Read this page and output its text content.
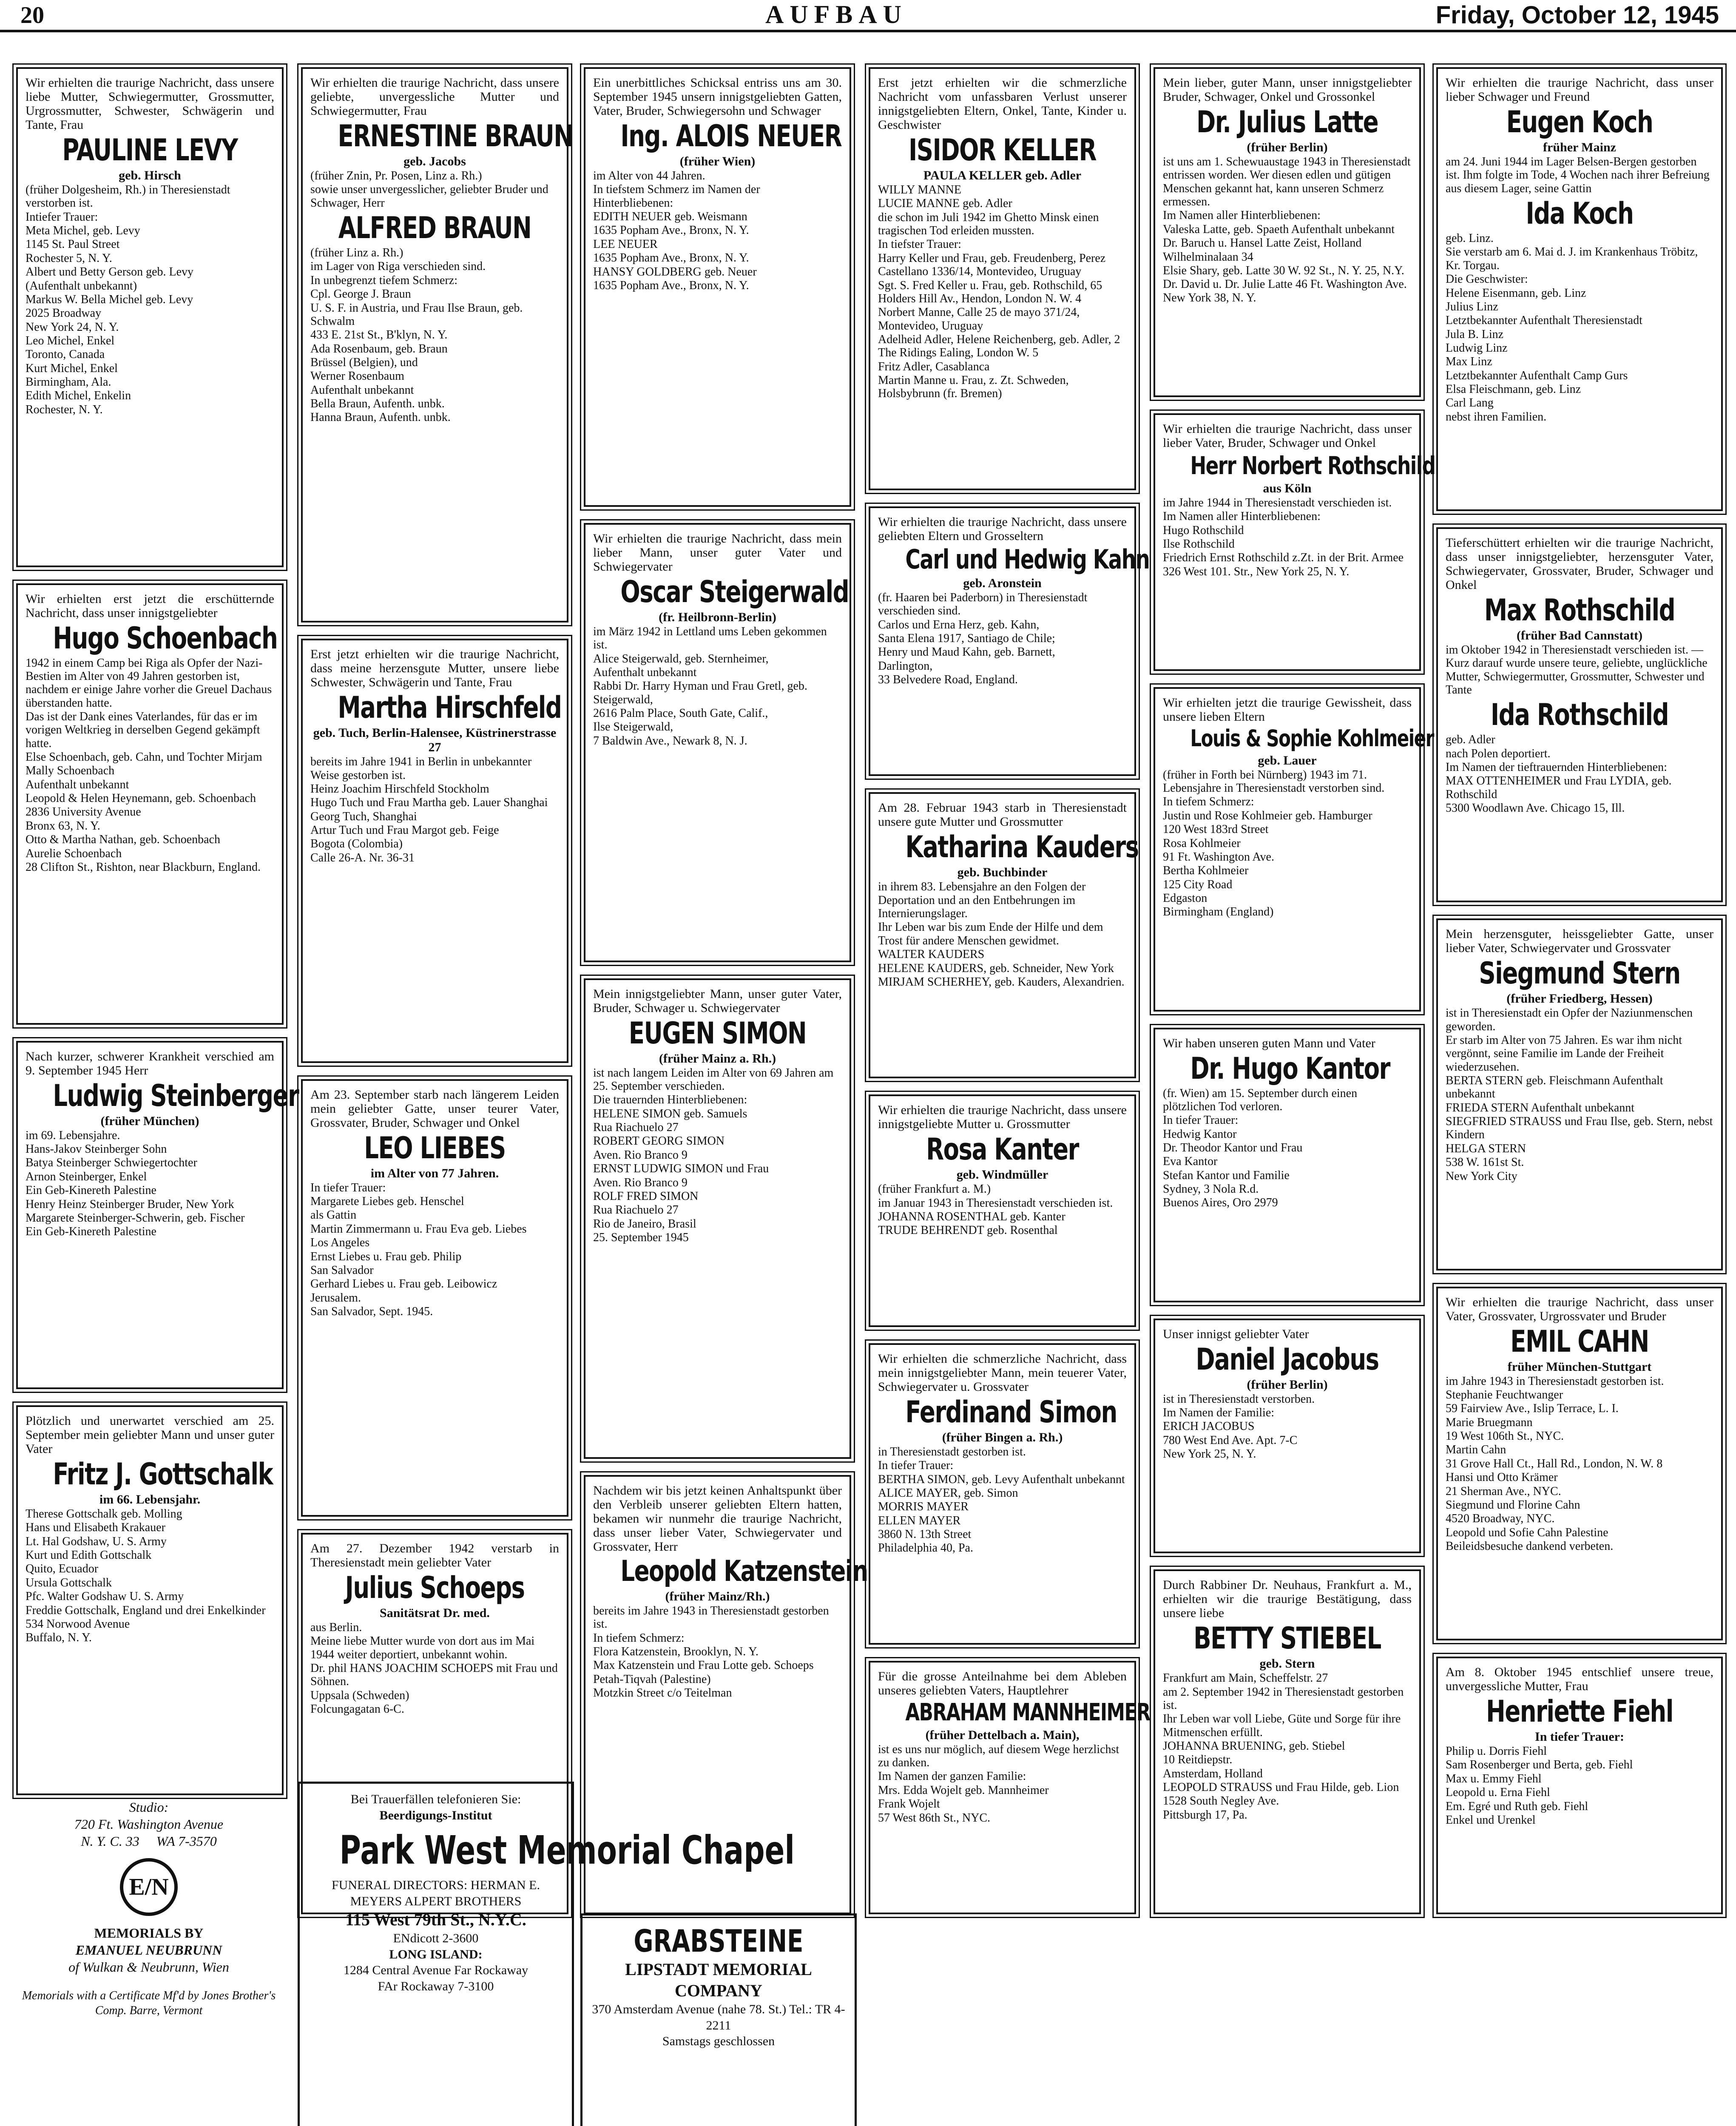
20	AUFBAU	Friday, October 12, 1945
Wir erhielten die traurige Nachricht, dass unsere liebe Mutter, Schwiegermutter, Grossmutter, Urgrossmutter, Schwester, Schwägerin und Tante, Frau
PAULINE LEVY
geb. Hirsch
(früher Dolgesheim, Rh.) in Theresienstadt verstorben ist.
Intiefer Trauer:
Meta Michel, geb. Levy
1145 St. Paul Street
Rochester 5, N. Y.
Albert und Betty Gerson geb. Levy
(Aufenthalt unbekannt)
Markus W. Bella Michel geb. Levy
2025 Broadway
New York 24, N. Y.
Leo Michel, Enkel
Toronto, Canada
Kurt Michel, Enkel
Birmingham, Ala.
Edith Michel, Enkelin
Rochester, N. Y.
Wir erhielten erst jetzt die erschütternde Nachricht, dass unser innigstgeliebter
Hugo Schoenbach
1942 in einem Camp bei Riga als Opfer der Nazi-Bestien im Alter von 49 Jahren gestorben ist, nachdem er einige Jahre vorher die Greuel Dachaus überstanden hatte.
Das ist der Dank eines Vaterlandes, für das er im vorigen Weltkrieg in derselben Gegend gekämpft hatte.
Else Schoenbach, geb. Cahn, und Tochter Mirjam
Mally Schoenbach
Aufenthalt unbekannt
Leopold & Helen Heynemann, geb. Schoenbach
2836 University Avenue
Bronx 63, N. Y.
Otto & Martha Nathan, geb. Schoenbach
Aurelie Schoenbach
28 Clifton St., Rishton, near Blackburn, England.
Nach kurzer, schwerer Krankheit verschied am 9. September 1945 Herr
Ludwig Steinberger
(früher München)
im 69. Lebensjahre.
Hans-Jakov Steinberger Sohn
Batya Steinberger Schwiegertochter
Arnon Steinberger, Enkel
Ein Geb-Kinereth Palestine
Henry Heinz Steinberger Bruder, New York
Margarete Steinberger-Schwerin, geb. Fischer
Ein Geb-Kinereth Palestine
Plötzlich und unerwartet verschied am 25. September mein geliebter Mann und unser guter Vater
Fritz J. Gottschalk
im 66. Lebensjahr.
Therese Gottschalk geb. Molling
Hans und Elisabeth Krakauer
Lt. Hal Godshaw, U. S. Army
Kurt und Edith Gottschalk
Quito, Ecuador
Ursula Gottschalk
Pfc. Walter Godshaw U. S. Army
Freddie Gottschalk, England und drei Enkelkinder
534 Norwood Avenue
Buffalo, N. Y.
Wir erhielten die traurige Nachricht, dass unsere geliebte, unvergessliche Mutter und Schwiegermutter, Frau
ERNESTINE BRAUN
geb. Jacobs
(früher Znin, Pr. Posen, Linz a. Rh.)
sowie unser unvergesslicher, geliebter Bruder und Schwager, Herr
ALFRED BRAUN
(früher Linz a. Rh.)
im Lager von Riga verschieden sind.
In unbegrenzt tiefem Schmerz:
Cpl. George J. Braun
U. S. F. in Austria, und Frau Ilse Braun, geb. Schwalm
433 E. 21st St., B'klyn, N. Y.
Ada Rosenbaum, geb. Braun
Brüssel (Belgien), und
Werner Rosenbaum
Aufenthalt unbekannt
Bella Braun, Aufenth. unbk.
Hanna Braun, Aufenth. unbk.
Erst jetzt erhielten wir die traurige Nachricht, dass meine herzensgute Mutter, unsere liebe Schwester, Schwägerin und Tante, Frau
Martha Hirschfeld
geb. Tuch, Berlin-Halensee, Küstrinerstrasse 27
bereits im Jahre 1941 in Berlin in unbekannter Weise gestorben ist.
Heinz Joachim Hirschfeld Stockholm
Hugo Tuch und Frau Martha geb. Lauer Shanghai
Georg Tuch, Shanghai
Artur Tuch und Frau Margot geb. Feige
Bogota (Colombia)
Calle 26-A. Nr. 36-31
Am 23. September starb nach längerem Leiden mein geliebter Gatte, unser teurer Vater, Grossvater, Bruder, Schwager und Onkel
LEO LIEBES
im Alter von 77 Jahren.
In tiefer Trauer:
Margarete Liebes geb. Henschel
als Gattin
Martin Zimmermann u. Frau Eva geb. Liebes
Los Angeles
Ernst Liebes u. Frau geb. Philip
San Salvador
Gerhard Liebes u. Frau geb. Leibowicz
Jerusalem.
San Salvador, Sept. 1945.
Am 27. Dezember 1942 verstarb in Theresienstadt mein geliebter Vater
Julius Schoeps
Sanitätsrat Dr. med.
aus Berlin.
Meine liebe Mutter wurde von dort aus im Mai 1944 weiter deportiert, unbekannt wohin.
Dr. phil HANS JOACHIM SCHOEPS mit Frau und Söhnen.
Uppsala (Schweden)
Folcungagatan 6-C.
Ein unerbittliches Schicksal entriss uns am 30. September 1945 unsern innigstgeliebten Gatten, Vater, Bruder, Schwiegersohn und Schwager
Ing. ALOIS NEUER
(früher Wien)
im Alter von 44 Jahren.
In tiefstem Schmerz im Namen der Hinterbliebenen:
EDITH NEUER geb. Weismann
1635 Popham Ave., Bronx, N. Y.
LEE NEUER
1635 Popham Ave., Bronx, N. Y.
HANSY GOLDBERG geb. Neuer
1635 Popham Ave., Bronx, N. Y.
Wir erhielten die traurige Nachricht, dass mein lieber Mann, unser guter Vater und Schwiegervater
Oscar Steigerwald
(fr. Heilbronn-Berlin)
im März 1942 in Lettland ums Leben gekommen ist.
Alice Steigerwald, geb. Sternheimer,
Aufenthalt unbekannt
Rabbi Dr. Harry Hyman und Frau Gretl, geb. Steigerwald,
2616 Palm Place, South Gate, Calif.,
Ilse Steigerwald,
7 Baldwin Ave., Newark 8, N. J.
Mein innigstgeliebter Mann, unser guter Vater, Bruder, Schwager u. Schwiegervater
EUGEN SIMON
(früher Mainz a. Rh.)
ist nach langem Leiden im Alter von 69 Jahren am 25. September verschieden.
Die trauernden Hinterbliebenen:
HELENE SIMON geb. Samuels
Rua Riachuelo 27
ROBERT GEORG SIMON
Aven. Rio Branco 9
ERNST LUDWIG SIMON und Frau
Aven. Rio Branco 9
ROLF FRED SIMON
Rua Riachuelo 27
Rio de Janeiro, Brasil
25. September 1945
Nachdem wir bis jetzt keinen Anhaltspunkt über den Verbleib unserer geliebten Eltern hatten, bekamen wir nunmehr die traurige Nachricht, dass unser lieber Vater, Schwiegervater und Grossvater, Herr
Leopold Katzenstein
(früher Mainz/Rh.)
bereits im Jahre 1943 in Theresienstadt gestorben ist.
In tiefem Schmerz:
Flora Katzenstein, Brooklyn, N. Y.
Max Katzenstein und Frau Lotte geb. Schoeps
Petah-Tiqvah (Palestine)
Motzkin Street c/o Teitelman
Erst jetzt erhielten wir die schmerzliche Nachricht vom unfassbaren Verlust unserer innigstgeliebten Eltern, Onkel, Tante, Kinder u. Geschwister
ISIDOR KELLER
PAULA KELLER geb. Adler
WILLY MANNE
LUCIE MANNE geb. Adler
die schon im Juli 1942 im Ghetto Minsk einen tragischen Tod erleiden mussten.
In tiefster Trauer:
Harry Keller und Frau, geb. Freudenberg, Perez Castellano 1336/14, Montevideo, Uruguay
Sgt. S. Fred Keller u. Frau, geb. Rothschild, 65 Holders Hill Av., Hendon, London N. W. 4
Norbert Manne, Calle 25 de mayo 371/24, Montevideo, Uruguay
Adelheid Adler, Helene Reichenberg, geb. Adler, 2 The Ridings Ealing, London W. 5
Fritz Adler, Casablanca
Martin Manne u. Frau, z. Zt. Schweden, Holsbybrunn (fr. Bremen)
Wir erhielten die traurige Nachricht, dass unsere geliebten Eltern und Grosseltern
Carl und Hedwig Kahn
geb. Aronstein
(fr. Haaren bei Paderborn) in Theresienstadt verschieden sind.
Carlos und Erna Herz, geb. Kahn,
Santa Elena 1917, Santiago de Chile;
Henry und Maud Kahn, geb. Barnett,
Darlington,
33 Belvedere Road, England.
Am 28. Februar 1943 starb in Theresienstadt unsere gute Mutter und Grossmutter
Katharina Kauders
geb. Buchbinder
in ihrem 83. Lebensjahre an den Folgen der Deportation und an den Entbehrungen im Internierungslager.
Ihr Leben war bis zum Ende der Hilfe und dem Trost für andere Menschen gewidmet.
WALTER KAUDERS
HELENE KAUDERS, geb. Schneider, New York
MIRJAM SCHERHEY, geb. Kauders, Alexandrien.
Wir erhielten die traurige Nachricht, dass unsere innigstgeliebte Mutter u. Grossmutter
Rosa Kanter
geb. Windmüller
(früher Frankfurt a. M.)
im Januar 1943 in Theresienstadt verschieden ist.
JOHANNA ROSENTHAL geb. Kanter
TRUDE BEHRENDT geb. Rosenthal
Wir erhielten die schmerzliche Nachricht, dass mein innigstgeliebter Mann, mein teuerer Vater, Schwiegervater u. Grossvater
Ferdinand Simon
(früher Bingen a. Rh.)
in Theresienstadt gestorben ist.
In tiefer Trauer:
BERTHA SIMON, geb. Levy Aufenthalt unbekannt
ALICE MAYER, geb. Simon
MORRIS MAYER
ELLEN MAYER
3860 N. 13th Street
Philadelphia 40, Pa.
Für die grosse Anteilnahme bei dem Ableben unseres geliebten Vaters, Hauptlehrer
ABRAHAM MANNHEIMER
(früher Dettelbach a. Main),
ist es uns nur möglich, auf diesem Wege herzlichst zu danken.
Im Namen der ganzen Familie:
Mrs. Edda Wojelt geb. Mannheimer
Frank Wojelt
57 West 86th St., NYC.
Mein lieber, guter Mann, unser innigstgeliebter Bruder, Schwager, Onkel und Grossonkel
Dr. Julius Latte
(früher Berlin)
ist uns am 1. Schewuaustage 1943 in Theresienstadt entrissen worden. Wer diesen edlen und gütigen Menschen gekannt hat, kann unseren Schmerz ermessen.
Im Namen aller Hinterbliebenen:
Valeska Latte, geb. Spaeth Aufenthalt unbekannt
Dr. Baruch u. Hansel Latte Zeist, Holland
Wilhelminalaan 34
Elsie Shary, geb. Latte 30 W. 92 St., N. Y. 25, N.Y.
Dr. David u. Dr. Julie Latte 46 Ft. Washington Ave. New York 38, N. Y.
Wir erhielten die traurige Nachricht, dass unser lieber Vater, Bruder, Schwager und Onkel
Herr Norbert Rothschild
aus Köln
im Jahre 1944 in Theresienstadt verschieden ist.
Im Namen aller Hinterbliebenen:
Hugo Rothschild
Ilse Rothschild
Friedrich Ernst Rothschild z.Zt. in der Brit. Armee
326 West 101. Str., New York 25, N. Y.
Wir erhielten jetzt die traurige Gewissheit, dass unsere lieben Eltern
Louis & Sophie Kohlmeier
geb. Lauer
(früher in Forth bei Nürnberg) 1943 im 71. Lebensjahre in Theresienstadt verstorben sind.
In tiefem Schmerz:
Justin und Rose Kohlmeier geb. Hamburger
120 West 183rd Street
Rosa Kohlmeier
91 Ft. Washington Ave.
Bertha Kohlmeier
125 City Road
Edgaston
Birmingham (England)
Wir haben unseren guten Mann und Vater
Dr. Hugo Kantor
(fr. Wien) am 15. September durch einen plötzlichen Tod verloren.
In tiefer Trauer:
Hedwig Kantor
Dr. Theodor Kantor und Frau
Eva Kantor
Stefan Kantor und Familie
Sydney, 3 Nola R.d.
Buenos Aires, Oro 2979
Unser innigst geliebter Vater
Daniel Jacobus
(früher Berlin)
ist in Theresienstadt verstorben.
Im Namen der Familie:
ERICH JACOBUS
780 West End Ave. Apt. 7-C
New York 25, N. Y.
Durch Rabbiner Dr. Neuhaus, Frankfurt a. M., erhielten wir die traurige Bestätigung, dass unsere liebe
BETTY STIEBEL
geb. Stern
Frankfurt am Main, Scheffelstr. 27
am 2. September 1942 in Theresienstadt gestorben ist.
Ihr Leben war voll Liebe, Güte und Sorge für ihre Mitmenschen erfüllt.
JOHANNA BRUENING, geb. Stiebel
10 Reitdiepstr.
Amsterdam, Holland
LEOPOLD STRAUSS und Frau Hilde, geb. Lion
1528 South Negley Ave.
Pittsburgh 17, Pa.
Wir erhielten die traurige Nachricht, dass unser lieber Schwager und Freund
Eugen Koch
früher Mainz
am 24. Juni 1944 im Lager Belsen-Bergen gestorben ist. Ihm folgte im Tode, 4 Wochen nach ihrer Befreiung aus diesem Lager, seine Gattin
Ida Koch
geb. Linz.
Sie verstarb am 6. Mai d. J. im Krankenhaus Tröbitz, Kr. Torgau.
Die Geschwister:
Helene Eisenmann, geb. Linz
Julius Linz
Letztbekannter Aufenthalt Theresienstadt
Jula B. Linz
Ludwig Linz
Max Linz
Letztbekannter Aufenthalt Camp Gurs
Elsa Fleischmann, geb. Linz
Carl Lang
nebst ihren Familien.
Tieferschüttert erhielten wir die traurige Nachricht, dass unser innigstgeliebter, herzensguter Vater, Schwiegervater, Grossvater, Bruder, Schwager und Onkel
Max Rothschild
(früher Bad Cannstatt)
im Oktober 1942 in Theresienstadt verschieden ist. — Kurz darauf wurde unsere teure, geliebte, unglückliche Mutter, Schwiegermutter, Grossmutter, Schwester und Tante
Ida Rothschild
geb. Adler
nach Polen deportiert.
Im Namen der tieftrauernden Hinterbliebenen:
MAX OTTENHEIMER und Frau LYDIA, geb. Rothschild
5300 Woodlawn Ave. Chicago 15, Ill.
Mein herzensguter, heissgeliebter Gatte, unser lieber Vater, Schwiegervater und Grossvater
Siegmund Stern
(früher Friedberg, Hessen)
ist in Theresienstadt ein Opfer der Naziunmenschen geworden.
Er starb im Alter von 75 Jahren. Es war ihm nicht vergönnt, seine Familie im Lande der Freiheit wiederzusehen.
BERTA STERN geb. Fleischmann Aufenthalt unbekannt
FRIEDA STERN Aufenthalt unbekannt
SIEGFRIED STRAUSS und Frau Ilse, geb. Stern, nebst Kindern
HELGA STERN
538 W. 161st St.
New York City
Wir erhielten die traurige Nachricht, dass unser Vater, Grossvater, Urgrossvater und Bruder
EMIL CAHN
früher München-Stuttgart
im Jahre 1943 in Theresienstadt gestorben ist.
Stephanie Feuchtwanger
59 Fairview Ave., Islip Terrace, L. I.
Marie Bruegmann
19 West 106th St., NYC.
Martin Cahn
31 Grove Hall Ct., Hall Rd., London, N. W. 8
Hansi und Otto Krämer
21 Sherman Ave., NYC.
Siegmund und Florine Cahn
4520 Broadway, NYC.
Leopold und Sofie Cahn Palestine
Beileidsbesuche dankend verbeten.
Am 8. Oktober 1945 entschlief unsere treue, unvergessliche Mutter, Frau
Henriette Fiehl
In tiefer Trauer:
Philip u. Dorris Fiehl
Sam Rosenberger und Berta, geb. Fiehl
Max u. Emmy Fiehl
Leopold u. Erna Fiehl
Em. Egré und Ruth geb. Fiehl
Enkel und Urenkel
Studio:
720 Ft. Washington Avenue
N. Y. C. 33 WA 7-3570
E/N
MEMORIALS BY
EMANUEL NEUBRUNN
of Wulkan & Neubrunn, Wien
Memorials with a Certificate Mf'd by Jones Brother's Comp. Barre, Vermont
Bei Trauerfällen telefonieren Sie:
Beerdigungs-Institut
Park West Memorial Chapel
FUNERAL DIRECTORS: HERMAN E. MEYERS ALPERT BROTHERS
115 West 79th St., N.Y.C.
ENdicott 2-3600
LONG ISLAND:
1284 Central Avenue Far Rockaway
FAr Rockaway 7-3100
GRABSTEINE
LIPSTADT MEMORIAL COMPANY
370 Amsterdam Avenue (nahe 78. St.) Tel.: TR 4-2211
Samstags geschlossen
